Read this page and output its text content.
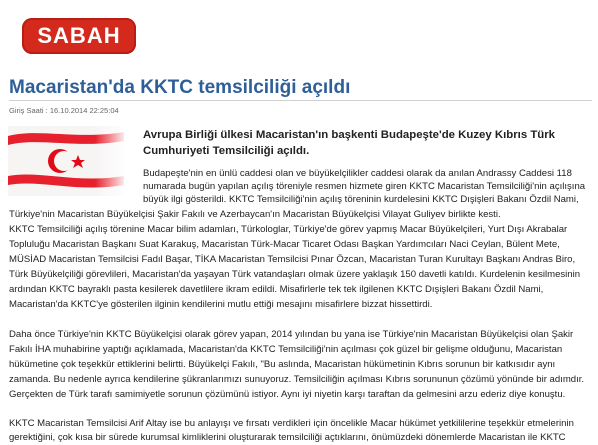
SABAH
Macaristan'da KKTC temsilciliği açıldı
Giriş Saati : 16.10.2014 22:25:04
Avrupa Birliği ülkesi Macaristan'ın başkenti Budapeşte'de Kuzey Kıbrıs Türk
Cumhuriyeti Temsilciliği açıldı.
Budapeşte'nin en ünlü caddesi olan ve büyükelçilikler caddesi olarak da anılan Andrassy Caddesi 118
numarada bugün yapılan açılış töreniyle resmen hizmete giren KKTC Macaristan Temsilciliği'nin açılışına
büyük ilgi gösterildi. KKTC Temsilciliği'nin açılış töreninin kurdelesini KKTC Dışişleri Bakanı Özdil Nami,
Türkiye'nin Macaristan Büyükelçisi Şakir Fakılı ve Azerbaycan'ın Macaristan Büyükelçisi Vilayat Guliyev birlikte kesti.
KKTC Temsilciliği açılış törenine Macar bilim adamları, Türkologlar, Türkiye'de görev yapmış Macar Büyükelçileri, Yurt Dışı Akrabalar
Topluluğu Macaristan Başkanı Suat Karakuş, Macaristan Türk-Macar Ticaret Odası Başkan Yardımcıları Naci Ceylan, Bülent Mete,
MÜSİAD Macaristan Temsilcisi Fadıl Başar, TİKA Macaristan Temsilcisi Pınar Özcan, Macaristan Turan Kurultayı Başkanı Andras Biro,
Türk Büyükelçiliği görevlileri, Macaristan'da yaşayan Türk vatandaşları olmak üzere yaklaşık 150 davetli katıldı. Kurdelenin kesilmesinin
ardından KKTC bayraklı pasta kesilerek davetlilere ikram edildi. Misafirlerle tek tek ilgilenen KKTC Dışişleri Bakanı Özdil Nami,
Macaristan'da KKTC'ye gösterilen ilginin kendilerini mutlu ettiği mesajını misafirlere bizzat hissettirdi.
Daha önce Türkiye'nin KKTC Büyükelçisi olarak görev yapan, 2014 yılından bu yana ise Türkiye'nin Macaristan Büyükelçisi olan Şakir
Fakılı İHA muhabirine yaptığı açıklamada, Macaristan'da KKTC Temsilciliği'nin açılması çok güzel bir gelişme olduğunu, Macaristan
hükümetine çok teşekkür ettiklerini belirtti. Büyükelçi Fakılı, "Bu aslında, Macaristan hükümetinin Kıbrıs sorunun bir katkısıdır aynı
zamanda. Bu nedenle ayrıca kendilerine şükranlarımızı sunuyoruz. Temsilciliğin açılması Kıbrıs sorununun çözümü yönünde bir adımdır.
Gerçekten de Türk tarafı samimiyetle sorunun çözümünü istiyor. Aynı iyi niyetin karşı taraftan da gelmesini arzu ederiz diye konuştu.
KKTC Macaristan Temsilcisi Arif Altay ise bu anlayışı ve fırsatı verdikleri için öncelikle Macar hükümet yetkililerine teşekkür etmelerinin
gerektiğini, çok kısa bir sürede kurumsal kimliklerini oluşturarak temsilciliği açtıklarını, önümüzdeki dönemlerde Macaristan ile KKTC
